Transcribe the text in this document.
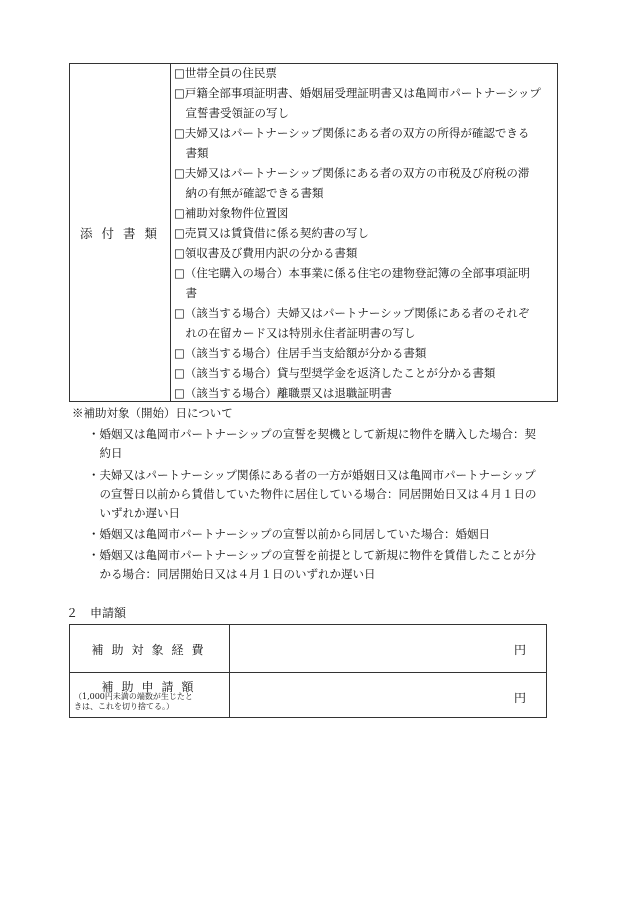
添付書類
□世帯全員の住民票
□戸籍全部事項証明書、婚姻届受理証明書又は亀岡市パートナーシップ
　宣誓書受領証の写し
□夫婦又はパートナーシップ関係にある者の双方の所得が確認できる
　書類
□夫婦又はパートナーシップ関係にある者の双方の市税及び府税の滞
　納の有無が確認できる書類
□補助対象物件位置図
□売買又は賃貸借に係る契約書の写し
□領収書及び費用内訳の分かる書類
□（住宅購入の場合）本事業に係る住宅の建物登記簿の全部事項証明
　書
□（該当する場合）夫婦又はパートナーシップ関係にある者のそれぞ
　れの在留カード又は特別永住者証明書の写し
□（該当する場合）住居手当支給額が分かる書類
□（該当する場合）貸与型奨学金を返済したことが分かる書類
□（該当する場合）離職票又は退職証明書
※補助対象（開始）日について
・婚姻又は亀岡市パートナーシップの宣誓を契機として新規に物件を購入した場合：契
　約日
・夫婦又はパートナーシップ関係にある者の一方が婚姻日又は亀岡市パートナーシップ
　の宣誓日以前から賃借していた物件に居住している場合：同居開始日又は４月１日の
　いずれか遅い日
・婚姻又は亀岡市パートナーシップの宣誓以前から同居していた場合：婚姻日
・婚姻又は亀岡市パートナーシップの宣誓を前提として新規に物件を賃借したことが分
　かる場合：同居開始日又は４月１日のいずれか遅い日
２　申請額
補助対象経費	円
補助申請額
（1,000円未満の端数が生じたと
きは、これを切り捨てる。）
円
